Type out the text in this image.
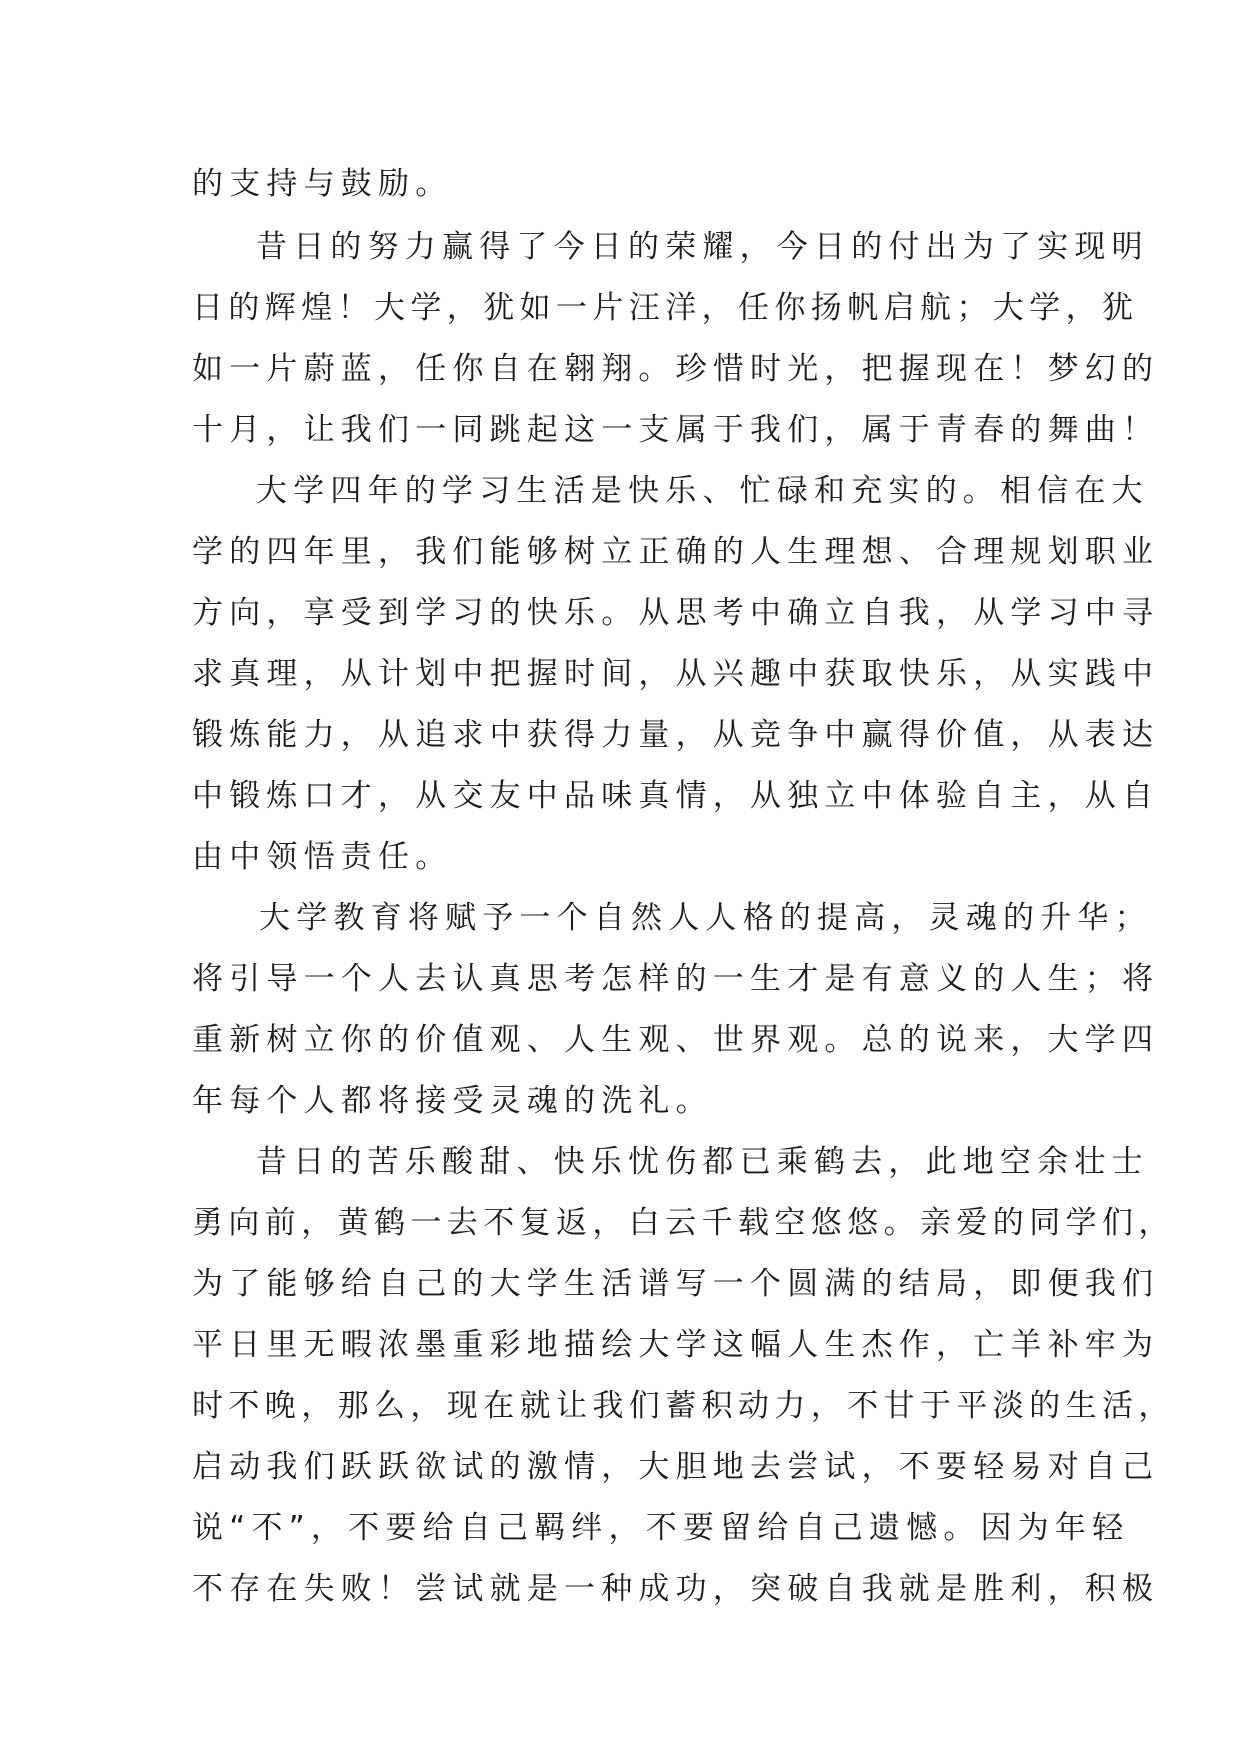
的支持与鼓励。
昔日的努力赢得了今日的荣耀，今日的付出为了实现明
日的辉煌！大学，犹如一片汪洋，任你扬帆启航；大学，犹
如一片蔚蓝，任你自在翱翔。珍惜时光，把握现在！梦幻的
十月，让我们一同跳起这一支属于我们，属于青春的舞曲！
大学四年的学习生活是快乐、忙碌和充实的。相信在大
学的四年里，我们能够树立正确的人生理想、合理规划职业
方向，享受到学习的快乐。从思考中确立自我，从学习中寻
求真理，从计划中把握时间，从兴趣中获取快乐，从实践中
锻炼能力，从追求中获得力量，从竞争中赢得价值，从表达
中锻炼口才，从交友中品味真情，从独立中体验自主，从自
由中领悟责任。
大学教育将赋予一个自然人人格的提高，灵魂的升华；
将引导一个人去认真思考怎样的一生才是有意义的人生；将
重新树立你的价值观、人生观、世界观。总的说来，大学四
年每个人都将接受灵魂的洗礼。
昔日的苦乐酸甜、快乐忧伤都已乘鹤去，此地空余壮士
勇向前，黄鹤一去不复返，白云千载空悠悠。亲爱的同学们，
为了能够给自己的大学生活谱写一个圆满的结局，即便我们
平日里无暇浓墨重彩地描绘大学这幅人生杰作，亡羊补牢为
时不晚，那么，现在就让我们蓄积动力，不甘于平淡的生活，
启动我们跃跃欲试的激情，大胆地去尝试，不要轻易对自己
说“不”，不要给自己羁绊，不要留给自己遗憾。因为年轻
不存在失败！尝试就是一种成功，突破自我就是胜利，积极
